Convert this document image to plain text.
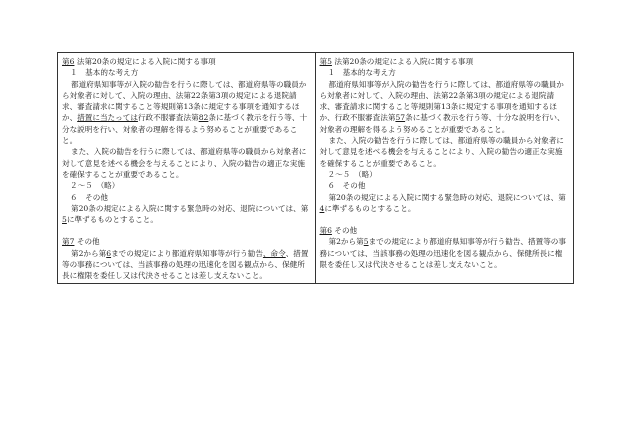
第6 法第20条の規定による入院に関する事項

１　基本的な考え方

都道府県知事等が入院の勧告を行うに際しては、都道府県等の職員から対象者に対して、入院の理由、法第22条第3項の規定による退院請求、審査請求に関すること等規則第13条に規定する事項を通知するほか、措置に当たっては行政不服審査法第82条に基づく教示を行う等、十分な説明を行い、対象者の理解を得るよう努めることが重要であること。

また、入院の勧告を行うに際しては、都道府県等の職員から対象者に対して意見を述べる機会を与えることにより、入院の勧告の適正な実施を確保することが重要であること。

２～５　（略）

６　その他

第20条の規定による入院に関する緊急時の対応、退院については、第5に準ずるものとすること。

第7 その他

第2から第6までの規定により都道府県知事等が行う勧告、命令、措置等の事務については、当該事務の処理の迅速化を図る観点から、保健所長に権限を委任し又は代決させることは差し支えないこと。

第5 法第20条の規定による入院に関する事項

１　基本的な考え方

都道府県知事等が入院の勧告を行うに際しては、都道府県等の職員から対象者に対して、入院の理由、法第22条第3項の規定による退院請求、審査請求に関すること等規則第13条に規定する事項を通知するほか、行政不服審査法第57条に基づく教示を行う等、十分な説明を行い、対象者の理解を得るよう努めることが重要であること。

また、入院の勧告を行うに際しては、都道府県等の職員から対象者に対して意見を述べる機会を与えることにより、入院の勧告の適正な実施を確保することが重要であること。

２～５　（略）

６　その他

第20条の規定による入院に関する緊急時の対応、退院については、第4に準ずるものとすること。

第6 その他

第2から第5までの規定により都道府県知事等が行う勧告、措置等の事務については、当該事務の処理の迅速化を図る観点から、保健所長に権限を委任し又は代決させることは差し支えないこと。
